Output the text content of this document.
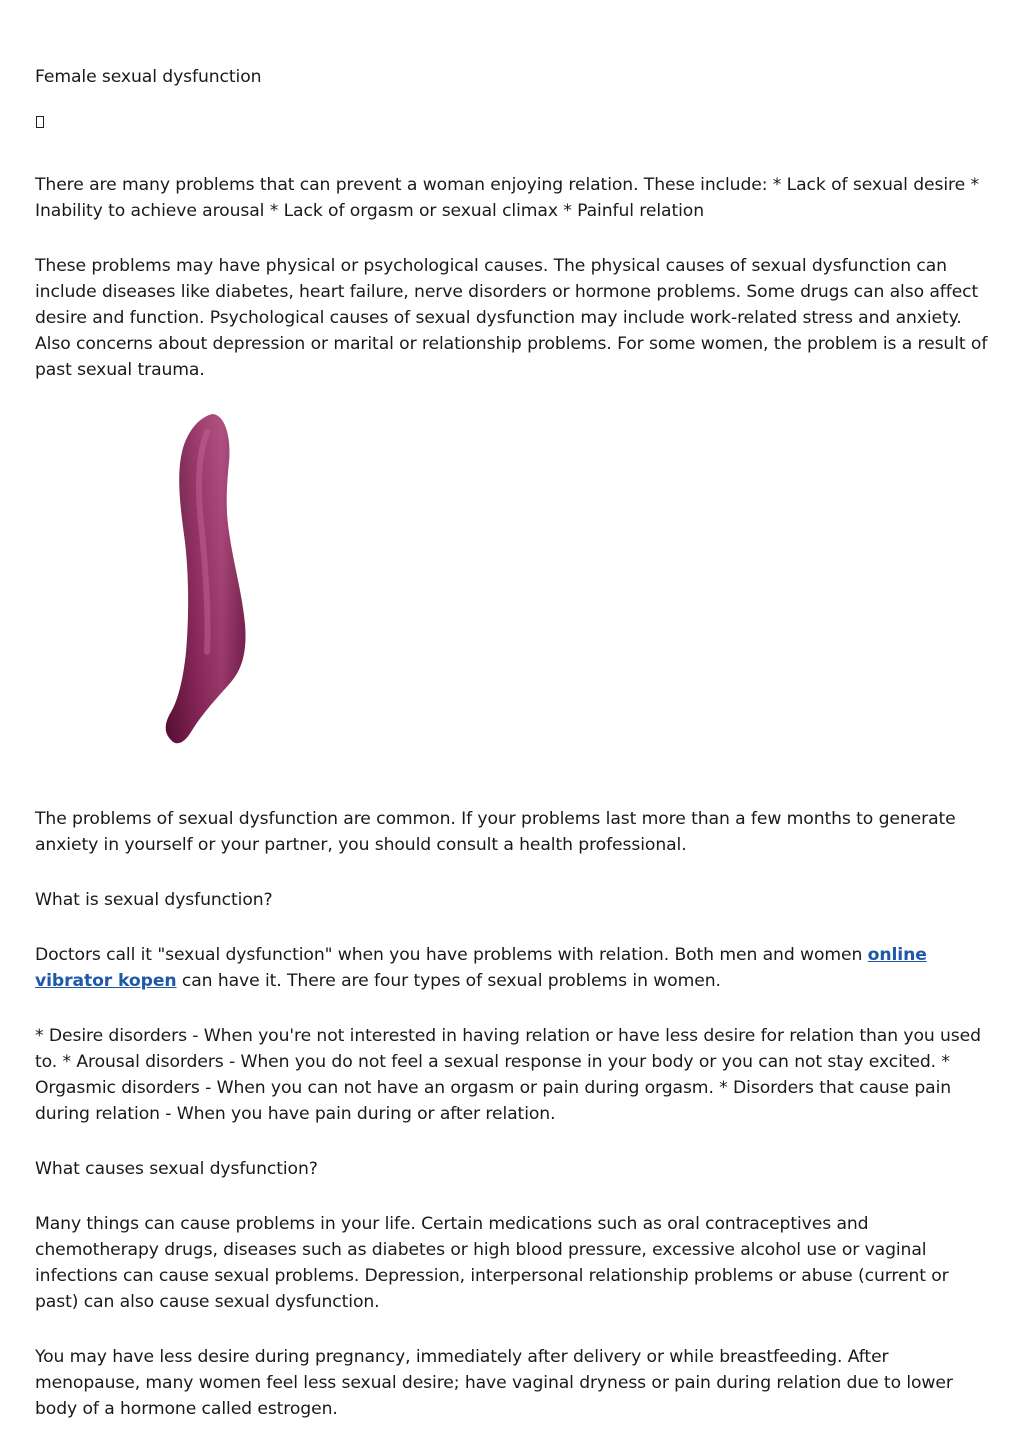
Female sexual dysfunction

There are many problems that can prevent a woman enjoying relation. These include: * Lack of sexual desire * Inability to achieve arousal * Lack of orgasm or sexual climax * Painful relation

These problems may have physical or psychological causes. The physical causes of sexual dysfunction can include diseases like diabetes, heart failure, nerve disorders or hormone problems. Some drugs can also affect desire and function. Psychological causes of sexual dysfunction may include work-related stress and anxiety. Also concerns about depression or marital or relationship problems. For some women, the problem is a result of past sexual trauma.

The problems of sexual dysfunction are common. If your problems last more than a few months to generate anxiety in yourself or your partner, you should consult a health professional.

What is sexual dysfunction?

Doctors call it "sexual dysfunction" when you have problems with relation. Both men and women online vibrator kopen can have it. There are four types of sexual problems in women.

* Desire disorders - When you're not interested in having relation or have less desire for relation than you used to. * Arousal disorders - When you do not feel a sexual response in your body or you can not stay excited. * Orgasmic disorders - When you can not have an orgasm or pain during orgasm. * Disorders that cause pain during relation - When you have pain during or after relation.

What causes sexual dysfunction?

Many things can cause problems in your life. Certain medications such as oral contraceptives and chemotherapy drugs, diseases such as diabetes or high blood pressure, excessive alcohol use or vaginal infections can cause sexual problems. Depression, interpersonal relationship problems or abuse (current or past) can also cause sexual dysfunction.

You may have less desire during pregnancy, immediately after delivery or while breastfeeding. After menopause, many women feel less sexual desire; have vaginal dryness or pain during relation due to lower body of a hormone called estrogen.
